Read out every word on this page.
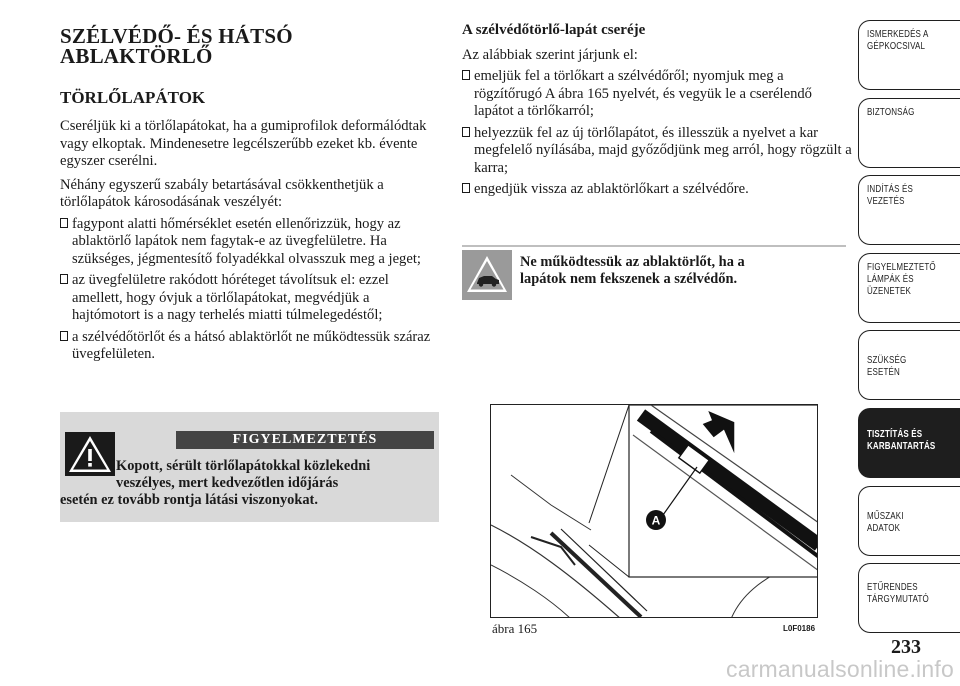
SZÉLVÉDŐ- ÉS HÁTSÓ
ABLAKTÖRLŐ
TÖRLŐLAPÁTOK

Cseréljük ki a törlőlapátokat, ha a gumiprofilok deformálódtak vagy elkoptak. Mindenesetre legcélszerűbb ezeket kb. évente egyszer cserélni.

Néhány egyszerű szabály betartásával csökkenthetjük a törlőlapátok károsodásának veszélyét:

fagypont alatti hőmérséklet esetén ellenőrizzük, hogy az ablaktörlő lapátok nem fagytak-e az üvegfelületre. Ha szükséges, jégmentesítő folyadékkal olvasszuk meg a jeget;
az üvegfelületre rakódott hóréteget távolítsuk el: ezzel amellett, hogy óvjuk a törlőlapátokat, megvédjük a hajtómotort is a nagy terhelés miatti túlmelegedéstől;
a szélvédőtörlőt és a hátsó ablaktörlőt ne működtessük száraz üvegfelületen.
FIGYELMEZTETÉS
Kopott, sérült törlőlapátokkal közlekedni
veszélyes, mert kedvezőtlen időjárás
esetén ez tovább rontja látási viszonyokat.
A szélvédőtörlő-lapát cseréje

Az alábbiak szerint járjunk el:

emeljük fel a törlőkart a szélvédőről; nyomjuk meg a rögzítőrugó A ábra 165 nyelvét, és vegyük le a cserélendő lapátot a törlőkarról;
helyezzük fel az új törlőlapátot, és illesszük a nyelvet a kar megfelelő nyílásába, majd győződjünk meg arról, hogy rögzült a karra;
engedjük vissza az ablaktörlőkart a szélvédőre.
Ne működtessük az ablaktörlőt, ha a
lapátok nem fekszenek a szélvédőn.
A
ábra 165	L0F0186
233
ISMERKEDÉS A
GÉPKOCSIVAL
BIZTONSÁG
INDÍTÁS ÉS
VEZETÉS
FIGYELMEZTETŐ
LÁMPÁK ÉS
ÜZENETEK
SZÜKSÉG ESETÉN
TISZTÍTÁS ÉS
KARBANTARTÁS
MŰSZAKI ADATOK
ETŰRENDES
TÁRGYMUTATÓ
carmanualsonline.info
